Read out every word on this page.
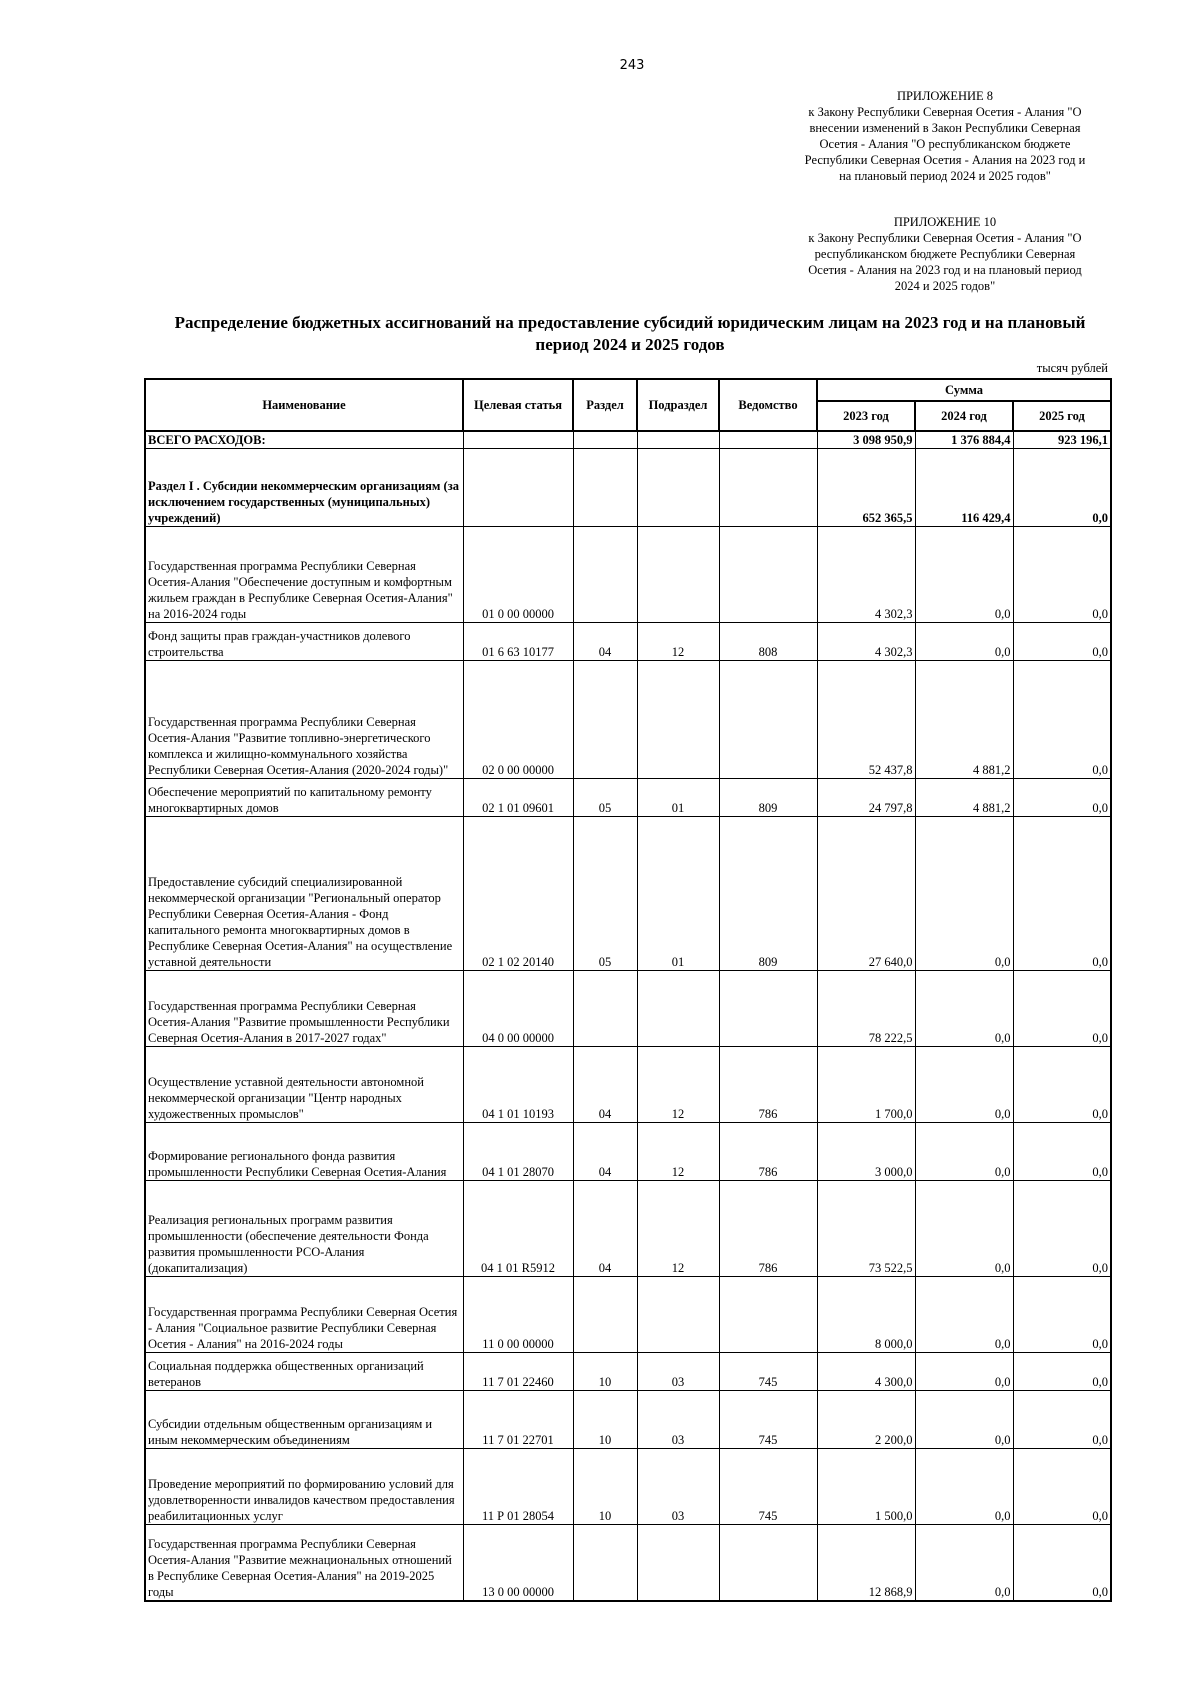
243
ПРИЛОЖЕНИЕ 8
к Закону Республики Северная Осетия - Алания "О внесении изменений в Закон Республики Северная Осетия - Алания "О республиканском бюджете Республики Северная Осетия - Алания на 2023 год и на плановый период 2024 и 2025 годов"
ПРИЛОЖЕНИЕ 10
к Закону Республики Северная Осетия - Алания "О республиканском бюджете Республики Северная Осетия - Алания на 2023 год и на плановый период 2024 и 2025 годов"
Распределение бюджетных ассигнований на предоставление субсидий юридическим лицам на 2023 год и на плановый период 2024 и 2025 годов
тысяч рублей
Наименование	Целевая статья	Раздел	Подраздел	Ведомство	Сумма		
					2023 год	2024 год	2025 год
ВСЕГО РАСХОДОВ:					3 098 950,9	1 376 884,4	923 196,1
Раздел I . Субсидии некоммерческим организациям (за исключением государственных (муниципальных) учреждений)					652 365,5	116 429,4	0,0
Государственная программа Республики Северная Осетия-Алания "Обеспечение доступным и комфортным жильем граждан в Республике Северная Осетия-Алания" на 2016-2024 годы	01 0 00 00000				4 302,3	0,0	0,0
Фонд защиты прав граждан-участников долевого строительства	01 6 63 10177	04	12	808	4 302,3	0,0	0,0
Государственная программа Республики Северная Осетия-Алания "Развитие топливно-энергетического комплекса и жилищно-коммунального хозяйства Республики Северная Осетия-Алания (2020-2024 годы)"	02 0 00 00000				52 437,8	4 881,2	0,0
Обеспечение мероприятий по капитальному ремонту многоквартирных домов	02 1 01 09601	05	01	809	24 797,8	4 881,2	0,0
Предоставление субсидий специализированной некоммерческой организации "Региональный оператор Республики Северная Осетия-Алания - Фонд капитального ремонта многоквартирных домов в Республике Северная Осетия-Алания" на осуществление уставной деятельности	02 1 02 20140	05	01	809	27 640,0	0,0	0,0
Государственная программа Республики Северная Осетия-Алания "Развитие промышленности Республики Северная Осетия-Алания в 2017-2027 годах"	04 0 00 00000				78 222,5	0,0	0,0
Осуществление уставной деятельности автономной некоммерческой организации "Центр народных художественных промыслов"	04 1 01 10193	04	12	786	1 700,0	0,0	0,0
Формирование регионального фонда развития промышленности Республики Северная Осетия-Алания	04 1 01 28070	04	12	786	3 000,0	0,0	0,0
Реализация региональных программ развития промышленности (обеспечение деятельности Фонда развития промышленности РСО-Алания (докапитализация)	04 1 01 R5912	04	12	786	73 522,5	0,0	0,0
Государственная программа Республики Северная Осетия - Алания "Социальное развитие Республики Северная Осетия - Алания" на 2016-2024 годы	11 0 00 00000				8 000,0	0,0	0,0
Социальная поддержка общественных организаций ветеранов	11 7 01 22460	10	03	745	4 300,0	0,0	0,0
Субсидии отдельным общественным организациям и иным некоммерческим объединениям	11 7 01 22701	10	03	745	2 200,0	0,0	0,0
Проведение мероприятий по формированию условий для удовлетворенности инвалидов качеством предоставления реабилитационных услуг	11 Р 01 28054	10	03	745	1 500,0	0,0	0,0
Государственная программа Республики Северная Осетия-Алания "Развитие межнациональных отношений в Республике Северная Осетия-Алания" на 2019-2025 годы	13 0 00 00000				12 868,9	0,0	0,0
